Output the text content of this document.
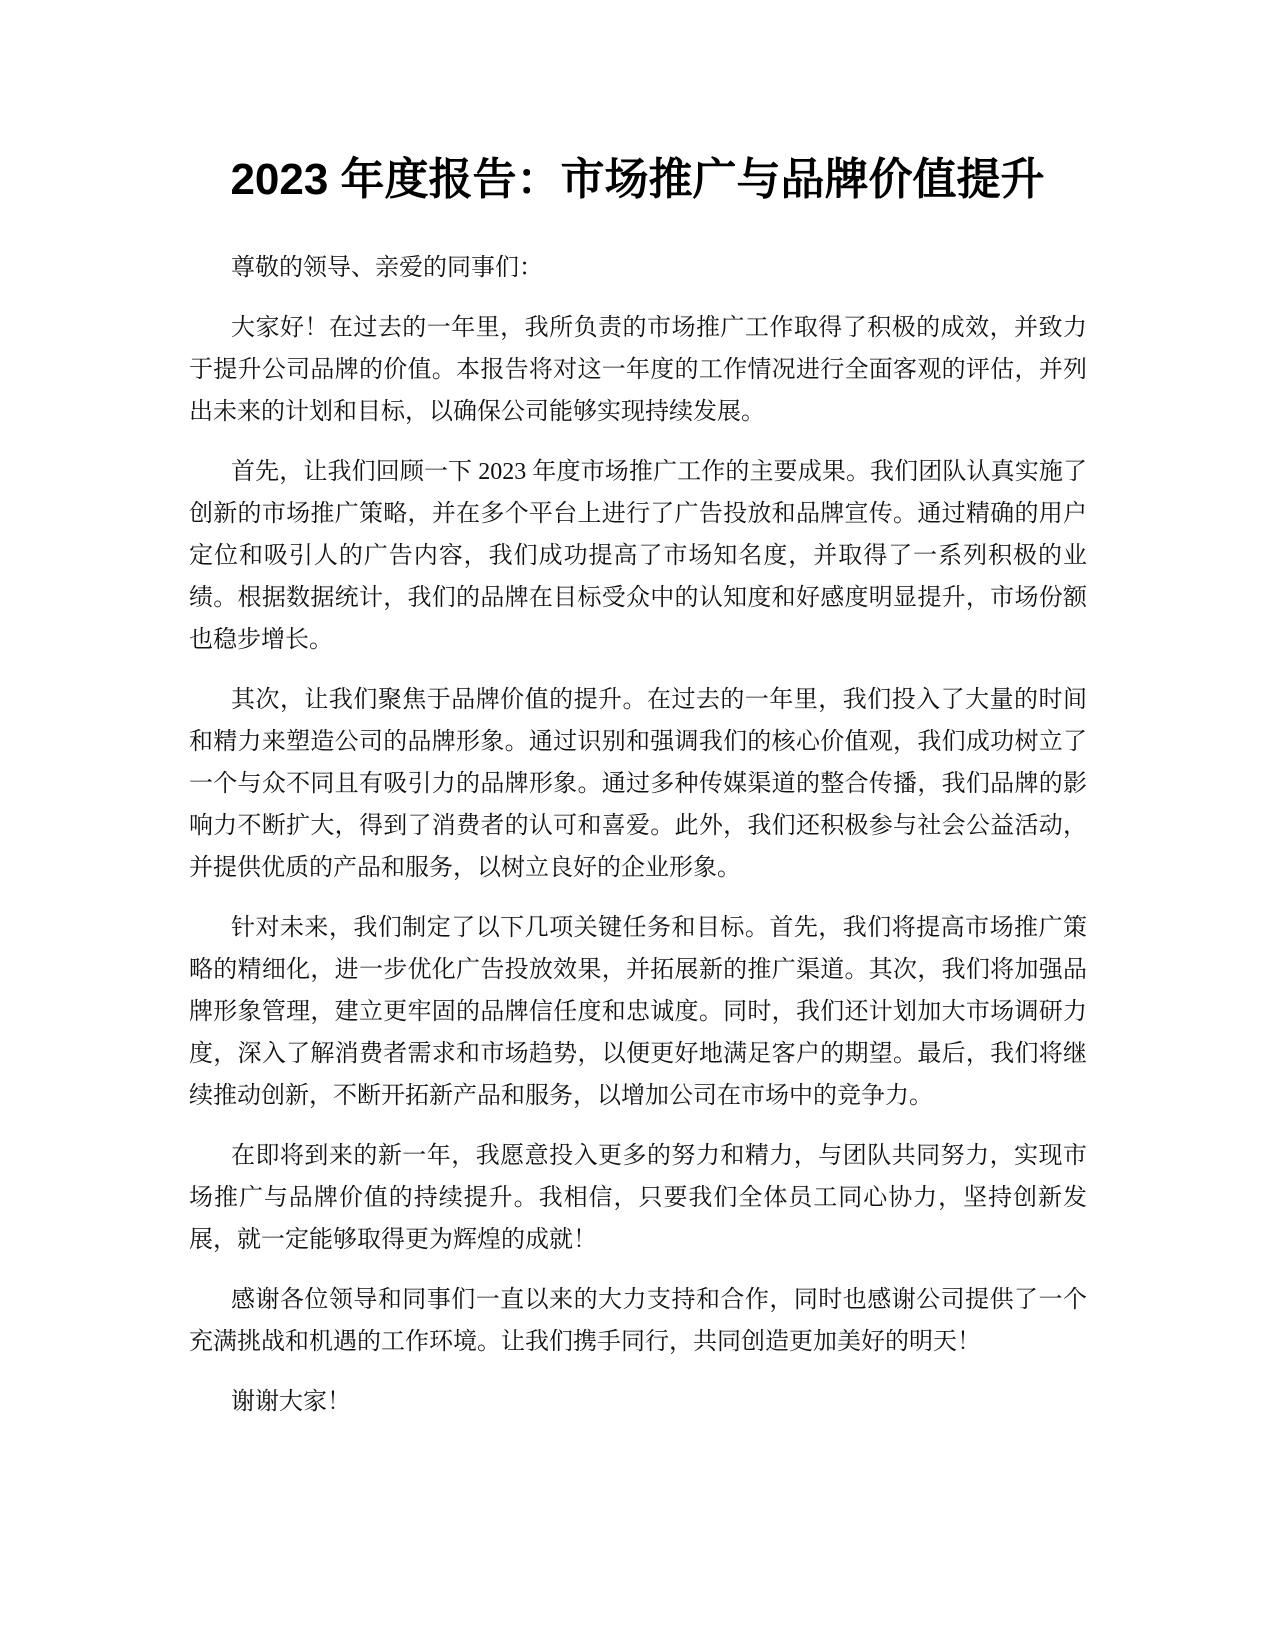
2023 年度报告：市场推广与品牌价值提升

尊敬的领导、亲爱的同事们：

大家好！在过去的一年里，我所负责的市场推广工作取得了积极的成效，并致力于提升公司品牌的价值。本报告将对这一年度的工作情况进行全面客观的评估，并列出未来的计划和目标，以确保公司能够实现持续发展。

首先，让我们回顾一下 2023 年度市场推广工作的主要成果。我们团队认真实施了创新的市场推广策略，并在多个平台上进行了广告投放和品牌宣传。通过精确的用户定位和吸引人的广告内容，我们成功提高了市场知名度，并取得了一系列积极的业绩。根据数据统计，我们的品牌在目标受众中的认知度和好感度明显提升，市场份额也稳步增长。

其次，让我们聚焦于品牌价值的提升。在过去的一年里，我们投入了大量的时间和精力来塑造公司的品牌形象。通过识别和强调我们的核心价值观，我们成功树立了一个与众不同且有吸引力的品牌形象。通过多种传媒渠道的整合传播，我们品牌的影响力不断扩大，得到了消费者的认可和喜爱。此外，我们还积极参与社会公益活动，并提供优质的产品和服务，以树立良好的企业形象。

针对未来，我们制定了以下几项关键任务和目标。首先，我们将提高市场推广策略的精细化，进一步优化广告投放效果，并拓展新的推广渠道。其次，我们将加强品牌形象管理，建立更牢固的品牌信任度和忠诚度。同时，我们还计划加大市场调研力度，深入了解消费者需求和市场趋势，以便更好地满足客户的期望。最后，我们将继续推动创新，不断开拓新产品和服务，以增加公司在市场中的竞争力。

在即将到来的新一年，我愿意投入更多的努力和精力，与团队共同努力，实现市场推广与品牌价值的持续提升。我相信，只要我们全体员工同心协力，坚持创新发展，就一定能够取得更为辉煌的成就！

感谢各位领导和同事们一直以来的大力支持和合作，同时也感谢公司提供了一个充满挑战和机遇的工作环境。让我们携手同行，共同创造更加美好的明天！

谢谢大家！
